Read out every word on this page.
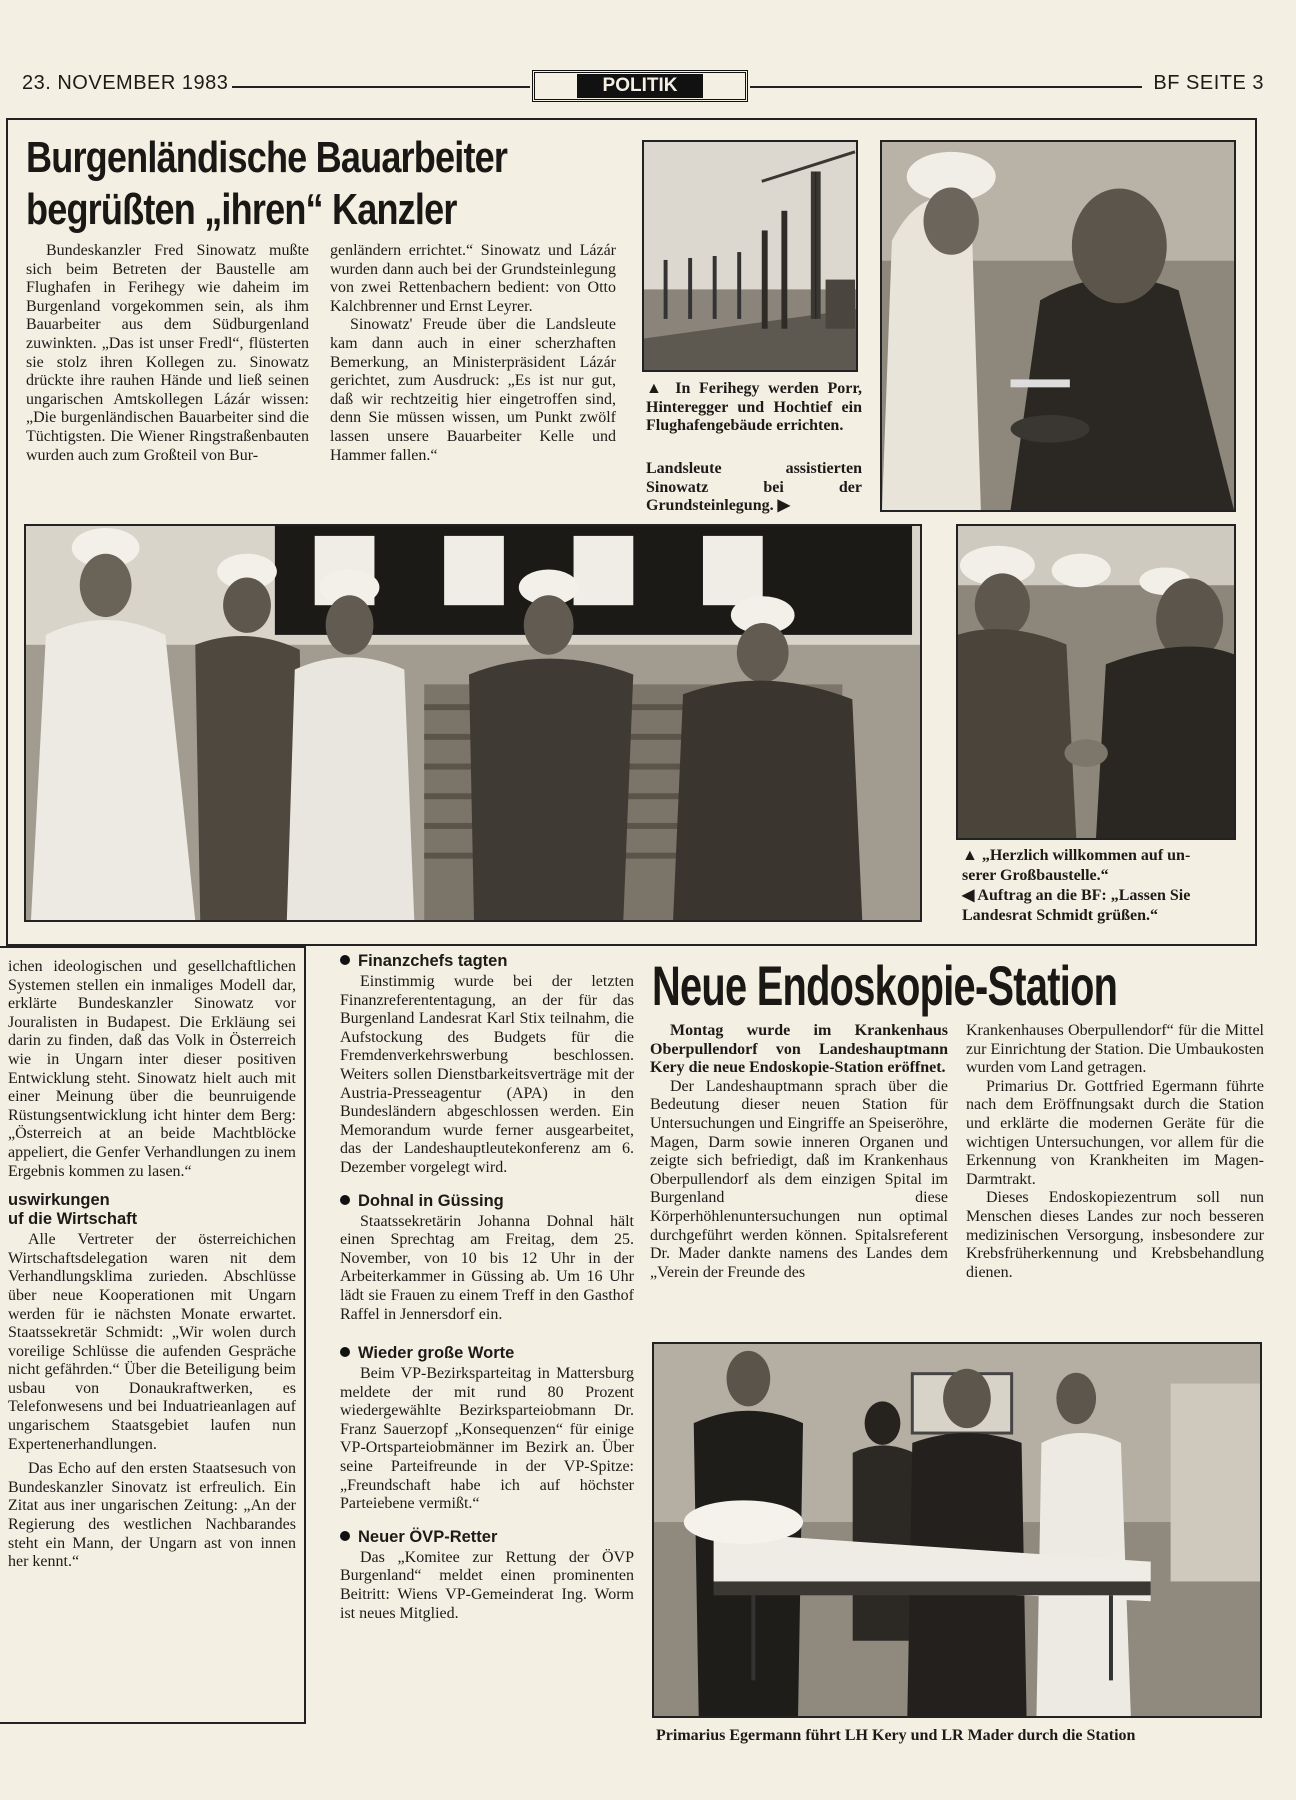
23. NOVEMBER 1983	POLITIK	BF SEITE 3
Burgenländische Bauarbeiter
begrüßten „ihren“ Kanzler

Bundeskanzler Fred Sinowatz mußte sich beim Betreten der Baustelle am Flughafen in Ferihegy wie daheim im Burgenland vorgekommen sein, als ihm Bauarbeiter aus dem Südburgenland zuwinkten. „Das ist unser Fredl“, flüsterten sie stolz ihren Kollegen zu. Sinowatz drückte ihre rauhen Hände und ließ seinen ungarischen Amtskollegen Lázár wissen: „Die burgenländischen Bauarbeiter sind die Tüchtigsten. Die Wiener Ringstraßenbauten wurden auch zum Großteil von Bur-

genländern errichtet.“ Sinowatz und Lázár wurden dann auch bei der Grundsteinlegung von zwei Rettenbachern bedient: von Otto Kalchbrenner und Ernst Leyrer.

Sinowatz' Freude über die Landsleute kam dann auch in einer scherzhaften Bemerkung, an Ministerpräsident Lázár gerichtet, zum Ausdruck: „Es ist nur gut, daß wir rechtzeitig hier eingetroffen sind, denn Sie müssen wissen, um Punkt zwölf lassen unsere Bauarbeiter Kelle und Hammer fallen.“

▲ In Ferihegy werden Porr, Hinteregger und Hochtief ein Flughafengebäude errichten.
Landsleute assistierten Sinowatz bei der Grundsteinlegung. ▶
▲ „Herzlich willkommen auf un-
serer Großbaustelle.“
◀ Auftrag an die BF: „Lassen Sie
Landesrat Schmidt grüßen.“

ichen ideologischen und gesellchaftlichen Systemen stellen ein inmaliges Modell dar, erklärte Bundeskanzler Sinowatz vor Jouralisten in Budapest. Die Erkläung sei darin zu finden, daß das Volk in Österreich wie in Ungarn inter dieser positiven Entwicklung steht. Sinowatz hielt auch mit einer Meinung über die beunruigende Rüstungsentwicklung icht hinter dem Berg: „Österreich at an beide Machtblöcke appeliert, die Genfer Verhandlungen zu inem Ergebnis kommen zu lasen.“

uswirkungen
uf die Wirtschaft

Alle Vertreter der österreichichen Wirtschaftsdelegation waren nit dem Verhandlungsklima zurieden. Abschlüsse über neue Kooperationen mit Ungarn werden für ie nächsten Monate erwartet. Staatssekretär Schmidt: „Wir wolen durch voreilige Schlüsse die aufenden Gespräche nicht gefährden.“ Über die Beteiligung beim usbau von Donaukraftwerken, es Telefonwesens und bei Induatrieanlagen auf ungarischem Staatsgebiet laufen nun Expertenerhandlungen.

Das Echo auf den ersten Staatsesuch von Bundeskanzler Sinovatz ist erfreulich. Ein Zitat aus iner ungarischen Zeitung: „An der Regierung des westlichen Nachbarandes steht ein Mann, der Ungarn ast von innen her kennt.“

Finanzchefs tagten

Einstimmig wurde bei der letzten Finanzreferententagung, an der für das Burgenland Landesrat Karl Stix teilnahm, die Aufstockung des Budgets für die Fremdenverkehrswerbung beschlossen. Weiters sollen Dienstbarkeitsverträge mit der Austria-Presseagentur (APA) in den Bundesländern abgeschlossen werden. Ein Memorandum wurde ferner ausgearbeitet, das der Landeshauptleutekonferenz am 6. Dezember vorgelegt wird.

Dohnal in Güssing

Staatssekretärin Johanna Dohnal hält einen Sprechtag am Freitag, dem 25. November, von 10 bis 12 Uhr in der Arbeiterkammer in Güssing ab. Um 16 Uhr lädt sie Frauen zu einem Treff in den Gasthof Raffel in Jennersdorf ein.

Wieder große Worte

Beim VP-Bezirksparteitag in Mattersburg meldete der mit rund 80 Prozent wiedergewählte Bezirksparteiobmann Dr. Franz Sauerzopf „Konsequenzen“ für einige VP-Ortsparteiobmänner im Bezirk an. Über seine Parteifreunde in der VP-Spitze: „Freundschaft habe ich auf höchster Parteiebene vermißt.“

Neuer ÖVP-Retter

Das „Komitee zur Rettung der ÖVP Burgenland“ meldet einen prominenten Beitritt: Wiens VP-Gemeinderat Ing. Worm ist neues Mitglied.

Neue Endoskopie-Station

Montag wurde im Krankenhaus Oberpullendorf von Landeshauptmann Kery die neue Endoskopie-Station eröffnet.

Der Landeshauptmann sprach über die Bedeutung dieser neuen Station für Untersuchungen und Eingriffe an Speiseröhre, Magen, Darm sowie inneren Organen und zeigte sich befriedigt, daß im Krankenhaus Oberpullendorf als dem einzigen Spital im Burgenland diese Körperhöhlenuntersuchungen nun optimal durchgeführt werden können. Spitalsreferent Dr. Mader dankte namens des Landes dem „Verein der Freunde des

Krankenhauses Oberpullendorf“ für die Mittel zur Einrichtung der Station. Die Umbaukosten wurden vom Land getragen.

Primarius Dr. Gottfried Egermann führte nach dem Eröffnungsakt durch die Station und erklärte die modernen Geräte für die wichtigen Untersuchungen, vor allem für die Erkennung von Krankheiten im Magen-Darmtrakt.

Dieses Endoskopiezentrum soll nun Menschen dieses Landes zur noch besseren medizinischen Versorgung, insbesondere zur Krebsfrüherkennung und Krebsbehandlung dienen.

Primarius Egermann führt LH Kery und LR Mader durch die Station
